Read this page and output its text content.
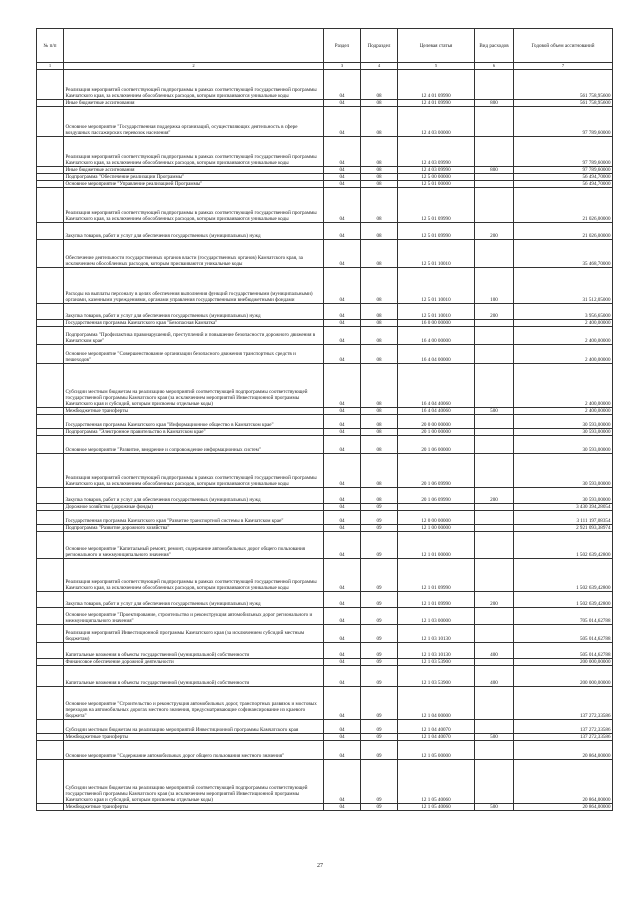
№ п/п		Раздел	Подраздел	Целевая статья	Вид расходов	Годовой объем ассигнований
1	2	3	4	5	6	7
	Реализация мероприятий соответствующей подпрограммы в рамках соответствующей государственной программы Камчатского края, за исключением обособленных расходов, которым присваиваются уникальные коды	04	08	12 4 01 09990		561 758,95600
	Иные бюджетные ассигнования	04	08	12 4 01 09990	800	561 758,95600
	Основное мероприятие "Государственная поддержка организаций, осуществляющих деятельность в сфере воздушных пассажирских перевозок населения"	04	08	12 4 03 00000		97 789,60000
	Реализация мероприятий соответствующей подпрограммы в рамках соответствующей государственной программы Камчатского края, за исключением обособленных расходов, которым присваиваются уникальные коды	04	08	12 4 03 09990		97 789,60000
	Иные бюджетные ассигнования	04	08	12 4 03 09990	800	97 789,60000
	Подпрограмма "Обеспечение реализации Программы"	04	08	12 5 00 00000		56 494,70000
	Основное мероприятие "Управление реализацией Программы"	04	08	12 5 01 00000		56 494,70000
	Реализация мероприятий соответствующей подпрограммы в рамках соответствующей государственной программы Камчатского края, за исключением обособленных расходов, которым присваиваются уникальные коды	04	08	12 5 01 09990		21 026,00000
	Закупка товаров, работ и услуг для обеспечения государственных (муниципальных) нужд	04	08	12 5 01 09990	200	21 026,00000
	Обеспечение деятельности государственных органов власти (государственных органов) Камчатского края, за исключением обособленных расходов, которым присваиваются уникальные коды	04	08	12 5 01 10010		35 468,70000
	Расходы на выплаты персоналу в целях обеспечения выполнения функций государственными (муниципальными) органами, казенными учреждениями, органами управления государственными внебюджетными фондами	04	08	12 5 01 10010	100	31 512,05000
	Закупка товаров, работ и услуг для обеспечения государственных (муниципальных) нужд	04	08	12 5 01 10010	200	3 956,65000
	Государственная программа Камчатского края "Безопасная Камчатка"	04	08	16 0 00 00000		2 400,00000
	Подпрограмма "Профилактика правонарушений, преступлений и повышение безопасности дорожного движения в Камчатском крае"	04	08	16 4 00 00000		2 400,00000
	Основное мероприятие "Совершенствование организации безопасного движения транспортных средств и пешеходов"	04	08	16 4 04 00000		2 400,00000
	Субсидии местным бюджетам на реализацию мероприятий соответствующей подпрограммы соответствующей государственной программы Камчатского края (за исключением мероприятий Инвестиционной программы Камчатского края и субсидий, которым присвоены отдельные коды)	04	08	16 4 04 40060		2 400,00000
	Межбюджетные трансферты	04	08	16 4 04 40060	500	2 400,00000
	Государственная программа Камчатского края "Информационное общество в Камчатском крае"	04	08	20 0 00 00000		30 593,00000
	Подпрограмма "Электронное правительство в Камчатском крае"	04	08	20 1 00 00000		30 593,00000
	Основное мероприятие "Развитие, внедрение и сопровождение информационных систем"	04	08	20 1 06 00000		30 593,00000
	Реализация мероприятий соответствующей подпрограммы в рамках соответствующей государственной программы Камчатского края, за исключением обособленных расходов, которым присваиваются уникальные коды	04	08	20 1 06 09990		30 593,00000
	Закупка товаров, работ и услуг для обеспечения государственных (муниципальных) нужд	04	08	20 1 06 09990	200	30 593,00000
	Дорожное хозяйство (дорожные фонды)	04	09			3 430 394,28054
	Государственная программа Камчатского края "Развитие транспортной системы в Камчатском крае"	04	09	12 0 00 00000		3 111 197,08354
	Подпрограмма "Развитие дорожного хозяйства"	04	09	12 1 00 00000		2 921 093,38974
	Основное мероприятие "Капитальный ремонт, ремонт, содержание автомобильных дорог общего пользования регионального и межмуниципального значения"	04	09	12 1 01 00000		1 502 639,42800
	Реализация мероприятий соответствующей подпрограммы в рамках соответствующей государственной программы Камчатского края, за исключением обособленных расходов, которым присваиваются уникальные коды	04	09	12 1 01 09990		1 502 639,42800
	Закупка товаров, работ и услуг для обеспечения государственных (муниципальных) нужд	04	09	12 1 01 09990	200	1 502 639,42800
	Основное мероприятие "Проектирование, строительство и реконструкция автомобильных дорог регионального и межмуниципального значения"	04	09	12 1 03 00000		705 014,62788
	Реализация мероприятий Инвестиционной программы Камчатского края (за исключением субсидий местным бюджетам)	04	09	12 1 03 10130		505 014,62788
	Капитальные вложения в объекты государственной (муниципальной) собственности	04	09	12 1 03 10130	400	505 014,62788
	Финансовое обеспечение дорожной деятельности	04	09	12 1 03 53900		200 000,00000
	Капитальные вложения в объекты государственной (муниципальной) собственности	04	09	12 1 03 53900	400	200 000,00000
	Основное мероприятие "Строительство и реконструкция автомобильных дорог, транспортных развязок и мостовых переходов на автомобильных дорогах местного значения, предусматривающие софинансирование из краевого бюджета"	04	09	12 1 04 00000		137 272,33586
	Субсидии местным бюджетам на реализацию мероприятий Инвестиционной программы Камчатского края	04	09	12 1 04 40070		137 272,33586
	Межбюджетные трансферты	04	09	12 1 04 40070	500	137 272,33586
	Основное мероприятие "Содержание автомобильных дорог общего пользования местного значения"	04	09	12 1 05 00000		20 864,00000
	Субсидии местным бюджетам на реализацию мероприятий соответствующей подпрограммы соответствующей государственной программы Камчатского края (за исключением мероприятий Инвестиционной программы Камчатского края и субсидий, которым присвоены отдельные коды)	04	09	12 1 05 40060		20 864,00000
	Межбюджетные трансферты	04	09	12 1 05 40060	500	20 864,00000
27
